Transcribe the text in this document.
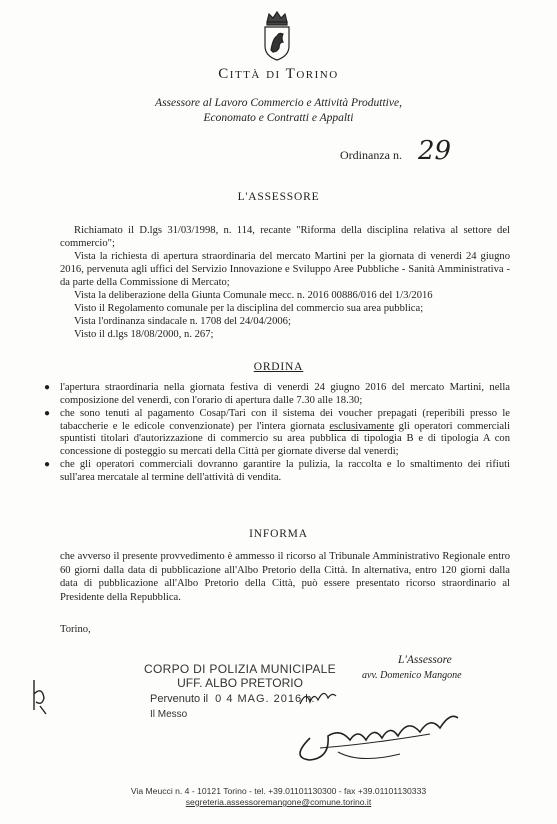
Città di Torino
Assessore al Lavoro Commercio e Attività Produttive,
Economato e Contratti e Appalti
Ordinanza n. 29
L'ASSESSORE
Richiamato il D.lgs 31/03/1998, n. 114, recante "Riforma della disciplina relativa al settore del commercio";
Vista la richiesta di apertura straordinaria del mercato Martini per la giornata di venerdi 24 giugno 2016, pervenuta agli uffici del Servizio Innovazione e Sviluppo Aree Pubbliche - Sanità Amministrativa - da parte della Commissione di Mercato;
Vista la deliberazione della Giunta Comunale mecc. n. 2016 00886/016 del 1/3/2016
Visto il Regolamento comunale per la disciplina del commercio sua area pubblica;
Vista l'ordinanza sindacale n. 1708 del 24/04/2006;
Visto il d.lgs 18/08/2000, n. 267;
ORDINA
● l'apertura straordinaria nella giornata festiva di venerdi 24 giugno 2016 del mercato Martini, nella composizione del venerdì, con l'orario di apertura dalle 7.30 alle 18.30;
● che sono tenuti al pagamento Cosap/Tari con il sistema dei voucher prepagati (reperibili presso le tabaccherie e le edicole convenzionate) per l'intera giornata esclusivamente gli operatori commerciali spuntisti titolari d'autorizzazione di commercio su area pubblica di tipologia B e di tipologia A con concessione di posteggio su mercati della Città per giornate diverse dal venerdì;
● che gli operatori commerciali dovranno garantire la pulizia, la raccolta e lo smaltimento dei rifiuti sull'area mercatale al termine dell'attività di vendita.
INFORMA
che avverso il presente provvedimento è ammesso il ricorso al Tribunale Amministrativo Regionale entro 60 giorni dalla data di pubblicazione all'Albo Pretorio della Città. In alternativa, entro 120 giorni dalla data di pubblicazione all'Albo Pretorio della Città, può essere presentato ricorso straordinario al Presidente della Repubblica.
Torino,
CORPO DI POLIZIA MUNICIPALE
UFF. ALBO PRETORIO
Pervenuto il 0 4 MAG. 2016 h.
Il Messo
L'Assessore
avv. Domenico Mangone
Via Meucci n. 4 - 10121 Torino - tel. +39.01101130300 - fax +39.01101130333
segreteria.assessoremangone@comune.torino.it
